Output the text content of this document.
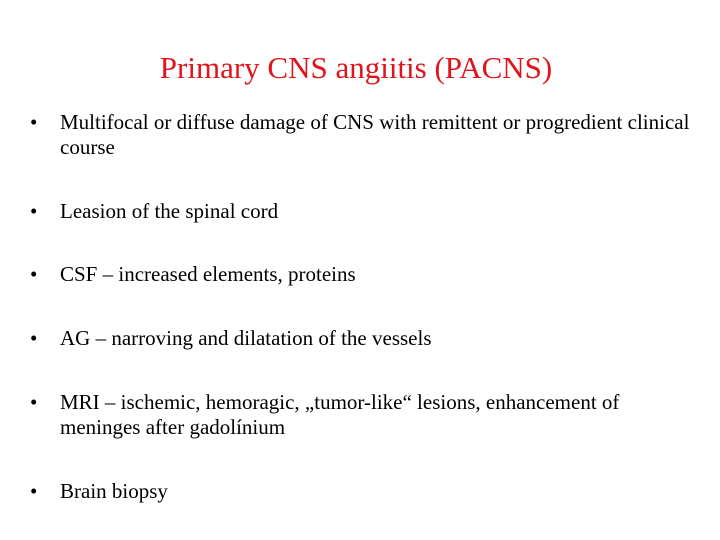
Primary CNS angiitis (PACNS)
•	Multifocal or diffuse damage of CNS with remittent or progredient clinical course
•	Leasion of the spinal cord
•	CSF – increased elements, proteins
•	AG – narroving and dilatation of the vessels
•	MRI – ischemic, hemoragic, „tumor-like“ lesions, enhancement of meninges after gadolínium
•	Brain biopsy
